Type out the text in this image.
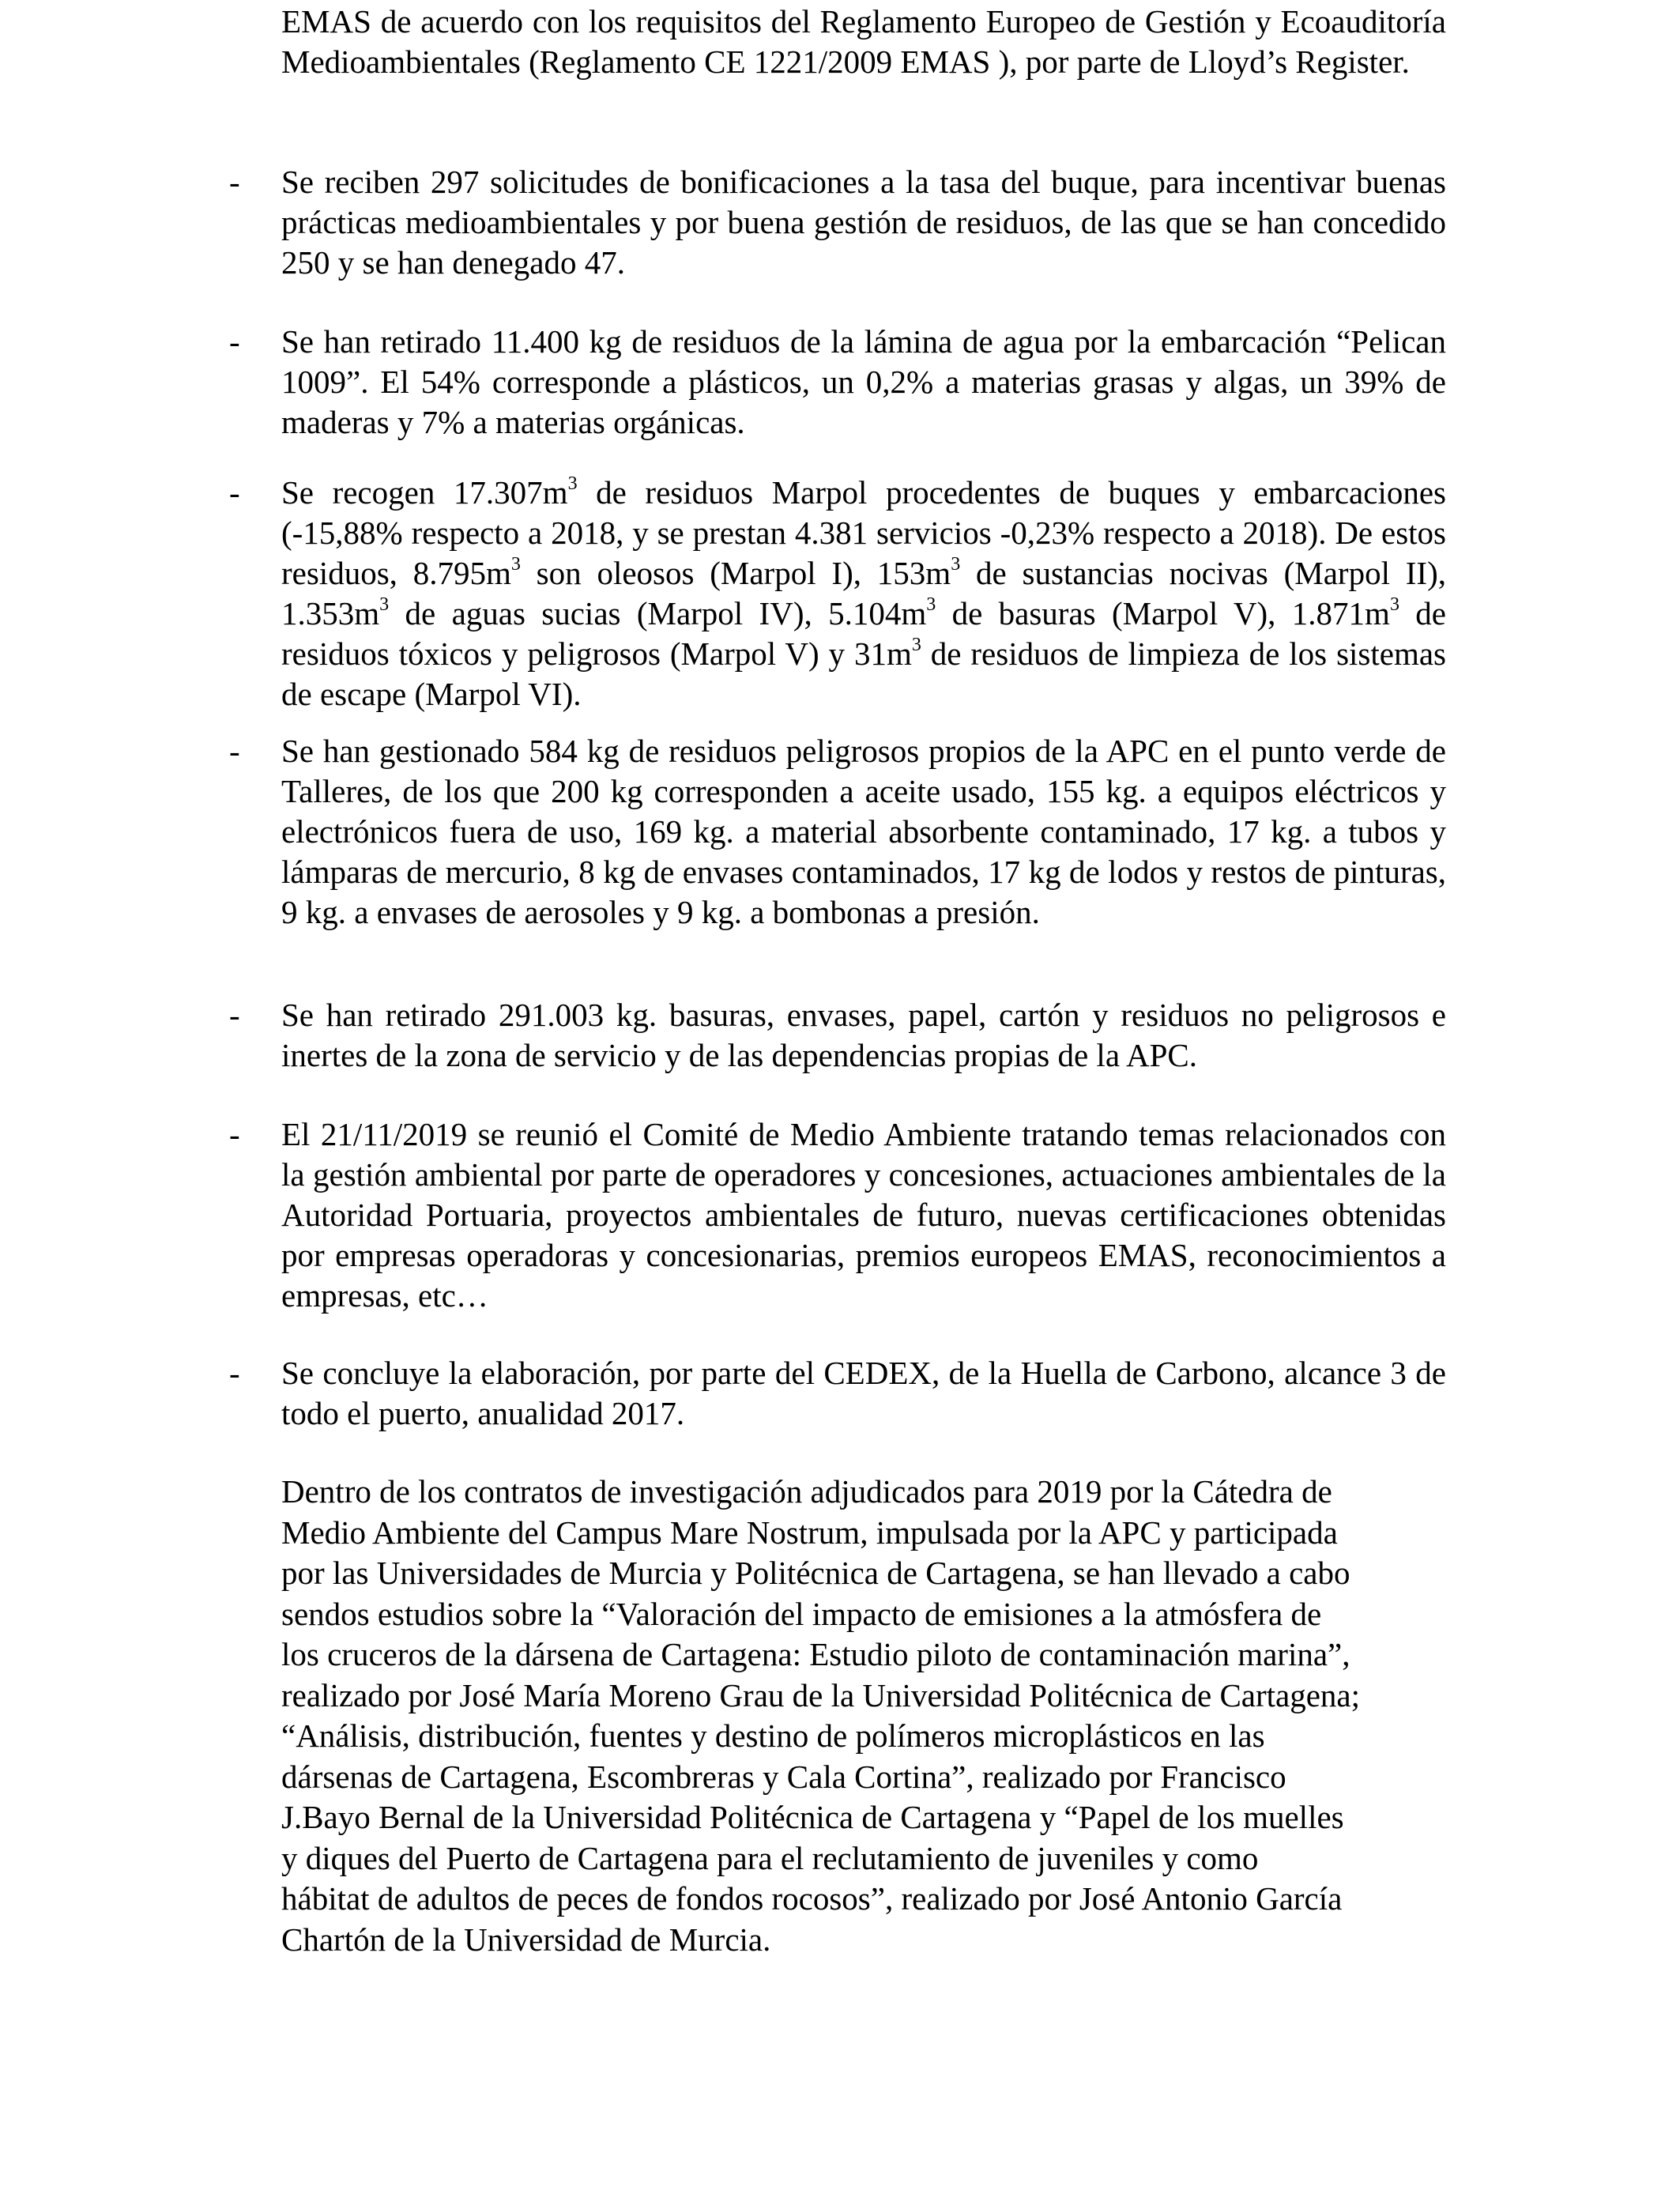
EMAS de acuerdo con los requisitos del Reglamento Europeo de Gestión y Ecoauditoría Medioambientales (Reglamento CE 1221/2009 EMAS ), por parte de Lloyd’s Register.

- Se reciben 297 solicitudes de bonificaciones a la tasa del buque, para incentivar buenas prácticas medioambientales y por buena gestión de residuos, de las que se han concedido 250 y se han denegado 47.
- Se han retirado 11.400 kg de residuos de la lámina de agua por la embarcación “Pelican 1009”. El 54% corresponde a plásticos, un 0,2% a materias grasas y algas, un 39% de maderas y 7% a materias orgánicas.
- Se recogen $17.307m^3$ de residuos Marpol procedentes de buques y embarcaciones (-15,88% respecto a 2018, y se prestan 4.381 servicios -0,23% respecto a 2018). De estos residuos, $8.795m^3$ son oleosos (Marpol I), $153m^3$ de sustancias nocivas (Marpol II), $1.353m^3$ de aguas sucias (Marpol IV), $5.104m^3$ de basuras (Marpol V), $1.871m^3$ de residuos tóxicos y peligrosos (Marpol V) y $31m^3$ de residuos de limpieza de los sistemas de escape (Marpol VI).
- Se han gestionado 584 kg de residuos peligrosos propios de la APC en el punto verde de Talleres, de los que 200 kg corresponden a aceite usado, 155 kg. a equipos eléctricos y electrónicos fuera de uso, 169 kg. a material absorbente contaminado, 17 kg. a tubos y lámparas de mercurio, 8 kg de envases contaminados, 17 kg de lodos y restos de pinturas, 9 kg. a envases de aerosoles y 9 kg. a bombonas a presión.
- Se han retirado 291.003 kg. basuras, envases, papel, cartón y residuos no peligrosos e inertes de la zona de servicio y de las dependencias propias de la APC.
- El 21/11/2019 se reunió el Comité de Medio Ambiente tratando temas relacionados con la gestión ambiental por parte de operadores y concesiones, actuaciones ambientales de la Autoridad Portuaria, proyectos ambientales de futuro, nuevas certificaciones obtenidas por empresas operadoras y concesionarias, premios europeos EMAS, reconocimientos a empresas, etc…
- Se concluye la elaboración, por parte del CEDEX, de la Huella de Carbono, alcance 3 de todo el puerto, anualidad 2017.
Dentro de los contratos de investigación adjudicados para 2019 por la Cátedra de
Medio Ambiente del Campus Mare Nostrum, impulsada por la APC y participada
por las Universidades de Murcia y Politécnica de Cartagena, se han llevado a cabo
sendos estudios sobre la “Valoración del impacto de emisiones a la atmósfera de
los cruceros de la dársena de Cartagena: Estudio piloto de contaminación marina”,
realizado por José María Moreno Grau de la Universidad Politécnica de Cartagena;
“Análisis, distribución, fuentes y destino de polímeros microplásticos en las
dársenas de Cartagena, Escombreras y Cala Cortina”, realizado por Francisco
J.Bayo Bernal de la Universidad Politécnica de Cartagena y “Papel de los muelles
y diques del Puerto de Cartagena para el reclutamiento de juveniles y como
hábitat de adultos de peces de fondos rocosos”, realizado por José Antonio García
Chartón de la Universidad de Murcia.
